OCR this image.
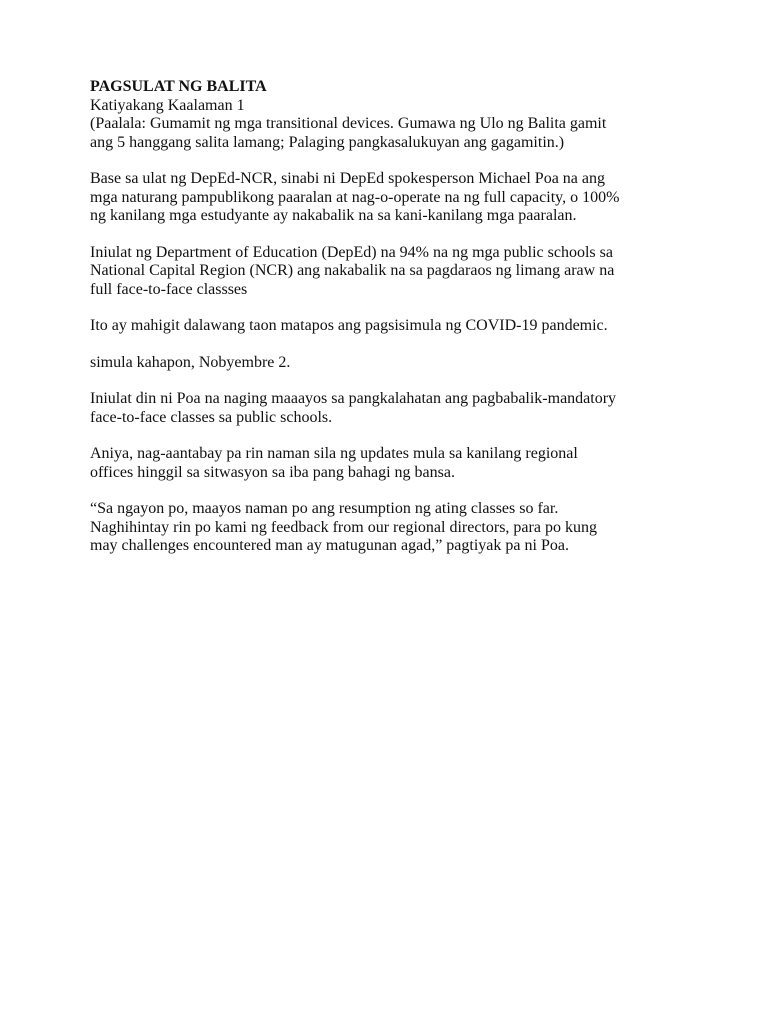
PAGSULAT NG BALITA

Katiyakang Kaalaman 1

(Paalala: Gumamit ng mga transitional devices. Gumawa ng Ulo ng Balita gamit
ang 5 hanggang salita lamang; Palaging pangkasalukuyan ang gagamitin.)

Base sa ulat ng DepEd-NCR, sinabi ni DepEd spokesperson Michael Poa na ang
mga naturang pampublikong paaralan at nag-o-operate na ng full capacity, o 100%
ng kanilang mga estudyante ay nakabalik na sa kani-kanilang mga paaralan.

Iniulat ng Department of Education (DepEd) na 94% na ng mga public schools sa
National Capital Region (NCR) ang nakabalik na sa pagdaraos ng limang araw na
full face-to-face classses

Ito ay mahigit dalawang taon matapos ang pagsisimula ng COVID-19 pandemic.

simula kahapon, Nobyembre 2.

Iniulat din ni Poa na naging maaayos sa pangkalahatan ang pagbabalik-mandatory
face-to-face classes sa public schools.

Aniya, nag-aantabay pa rin naman sila ng updates mula sa kanilang regional
offices hinggil sa sitwasyon sa iba pang bahagi ng bansa.

“Sa ngayon po, maayos naman po ang resumption ng ating classes so far.
Naghihintay rin po kami ng feedback from our regional directors, para po kung
may challenges encountered man ay matugunan agad,” pagtiyak pa ni Poa.
